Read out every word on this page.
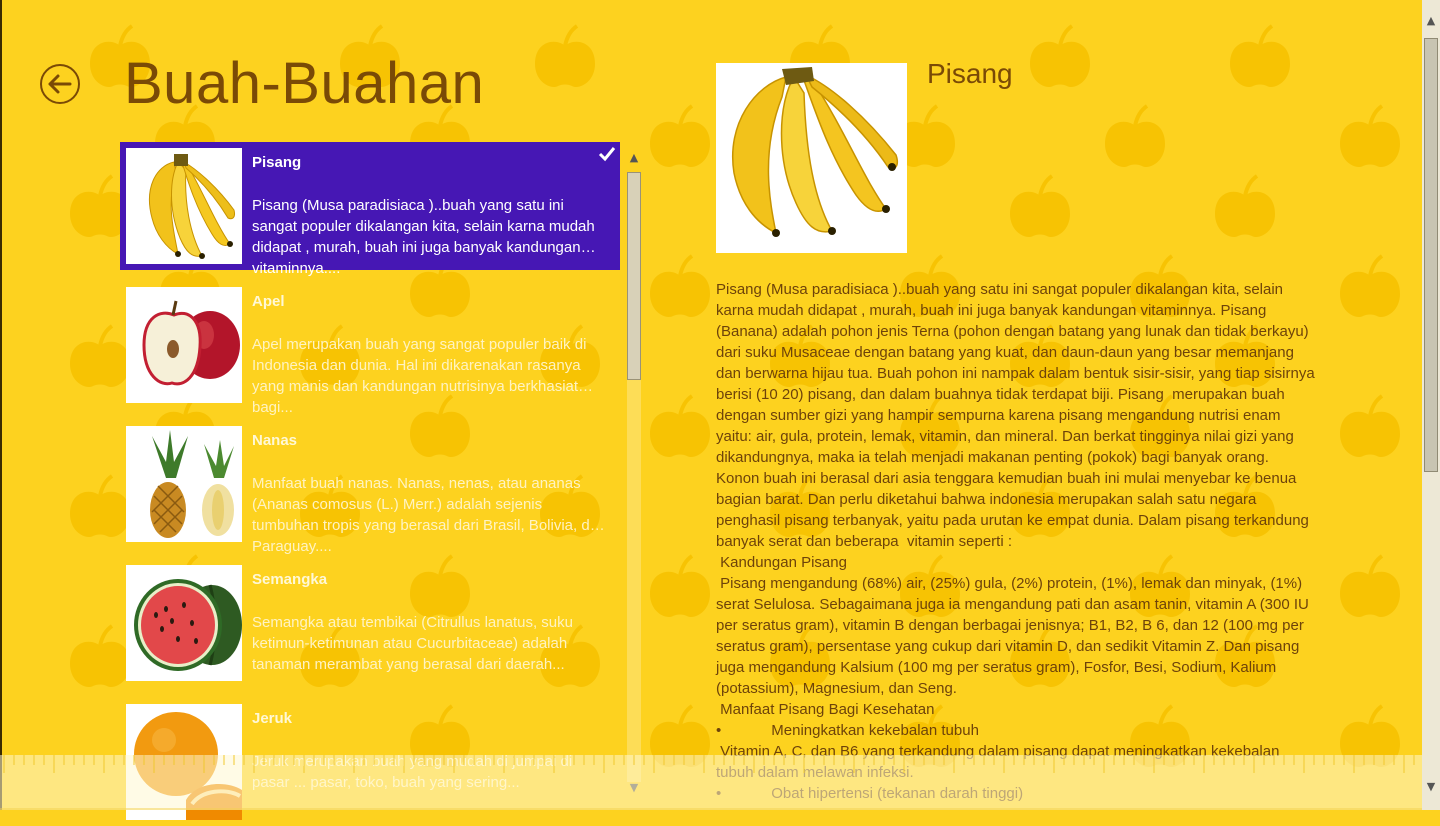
Buah-Buahan
Pisang
Pisang (Musa paradisiaca )..buah yang satu ini sangat populer dikalangan kita, selain karna mudah didapat , murah, buah ini juga banyak kandungan vitaminnya....
Apel
Apel merupakan buah yang sangat populer baik di Indonesia dan dunia. Hal ini dikarenakan rasanya yang manis dan kandungan nutrisinya berkhasiat bagi...
Nanas
Manfaat buah nanas. Nanas, nenas, atau ananas (Ananas comosus (L.) Merr.) adalah sejenis tumbuhan tropis yang berasal dari Brasil, Bolivia, dan Paraguay....
Semangka
Semangka atau tembikai (Citrullus lanatus, suku ketimun-ketimunan atau Cucurbitaceae) adalah tanaman merambat yang berasal dari daerah...
Jeruk
Jeruk merupakan buah yang mudah di jumpai di pasar ... pasar, toko, buah yang sering...
▲
▼
Pisang

Pisang (Musa paradisiaca )..buah yang satu ini sangat populer dikalangan kita, selain karna mudah didapat , murah, buah ini juga banyak kandungan vitaminnya. Pisang (Banana) adalah pohon jenis Terna (pohon dengan batang yang lunak dan tidak berkayu) dari suku Musaceae dengan batang yang kuat, dan daun-daun yang besar memanjang dan berwarna hijau tua. Buah pohon ini nampak dalam bentuk sisir-sisir, yang tiap sisirnya berisi (10 20) pisang, dan dalam buahnya tidak terdapat biji. Pisang  merupakan buah dengan sumber gizi yang hampir sempurna karena pisang mengandung nutrisi enam yaitu: air, gula, protein, lemak, vitamin, dan mineral. Dan berkat tingginya nilai gizi yang dikandungnya, maka ia telah menjadi makanan penting (pokok) bagi banyak orang. Konon buah ini berasal dari asia tenggara kemudian buah ini mulai menyebar ke benua bagian barat. Dan perlu diketahui bahwa indonesia merupakan salah satu negara penghasil pisang terbanyak, yaitu pada urutan ke empat dunia. Dalam pisang terkandung banyak serat dan beberapa  vitamin seperti :

Kandungan Pisang

Pisang mengandung (68%) air, (25%) gula, (2%) protein, (1%), lemak dan minyak, (1%) serat Selulosa. Sebagaimana juga ia mengandung pati dan asam tanin, vitamin A (300 IU per seratus gram), vitamin B dengan berbagai jenisnya; B1, B2, B 6, dan 12 (100 mg per seratus gram), persentase yang cukup dari vitamin D, dan sedikit Vitamin Z. Dan pisang juga mengandung Kalsium (100 mg per seratus gram), Fosfor, Besi, Sodium, Kalium (potassium), Magnesium, dan Seng.

Manfaat Pisang Bagi Kesehatan

•            Meningkatkan kekebalan tubuh

Vitamin A, C, dan B6 yang terkandung dalam pisang dapat meningkatkan kekebalan tubuh dalam melawan infeksi.

•            Obat hipertensi (tekanan darah tinggi)

▲
▼
